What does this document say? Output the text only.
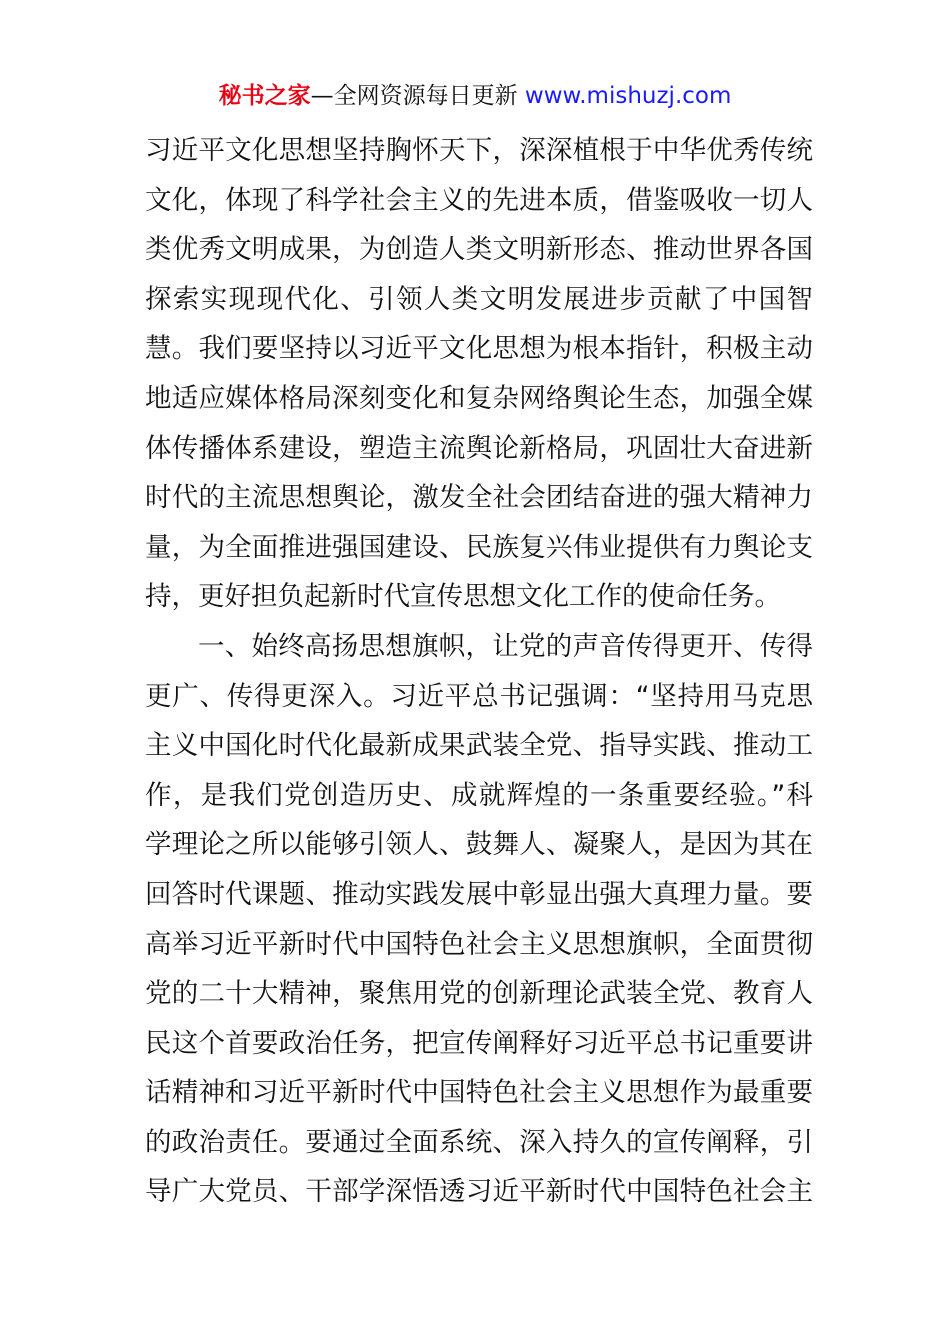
秘书之家—全网资源每日更新 www.mishuzj.com
习近平文化思想坚持胸怀天下，深深植根于中华优秀传统
文化，体现了科学社会主义的先进本质，借鉴吸收一切人
类优秀文明成果，为创造人类文明新形态、推动世界各国
探索实现现代化、引领人类文明发展进步贡献了中国智
慧。我们要坚持以习近平文化思想为根本指针，积极主动
地适应媒体格局深刻变化和复杂网络舆论生态，加强全媒
体传播体系建设，塑造主流舆论新格局，巩固壮大奋进新
时代的主流思想舆论，激发全社会团结奋进的强大精神力
量，为全面推进强国建设、民族复兴伟业提供有力舆论支
持，更好担负起新时代宣传思想文化工作的使命任务。
一、始终高扬思想旗帜，让党的声音传得更开、传得
更广、传得更深入。习近平总书记强调：“坚持用马克思
主义中国化时代化最新成果武装全党、指导实践、推动工
作，是我们党创造历史、成就辉煌的一条重要经验。”科
学理论之所以能够引领人、鼓舞人、凝聚人，是因为其在
回答时代课题、推动实践发展中彰显出强大真理力量。要
高举习近平新时代中国特色社会主义思想旗帜，全面贯彻
党的二十大精神，聚焦用党的创新理论武装全党、教育人
民这个首要政治任务，把宣传阐释好习近平总书记重要讲
话精神和习近平新时代中国特色社会主义思想作为最重要
的政治责任。要通过全面系统、深入持久的宣传阐释，引
导广大党员、干部学深悟透习近平新时代中国特色社会主
